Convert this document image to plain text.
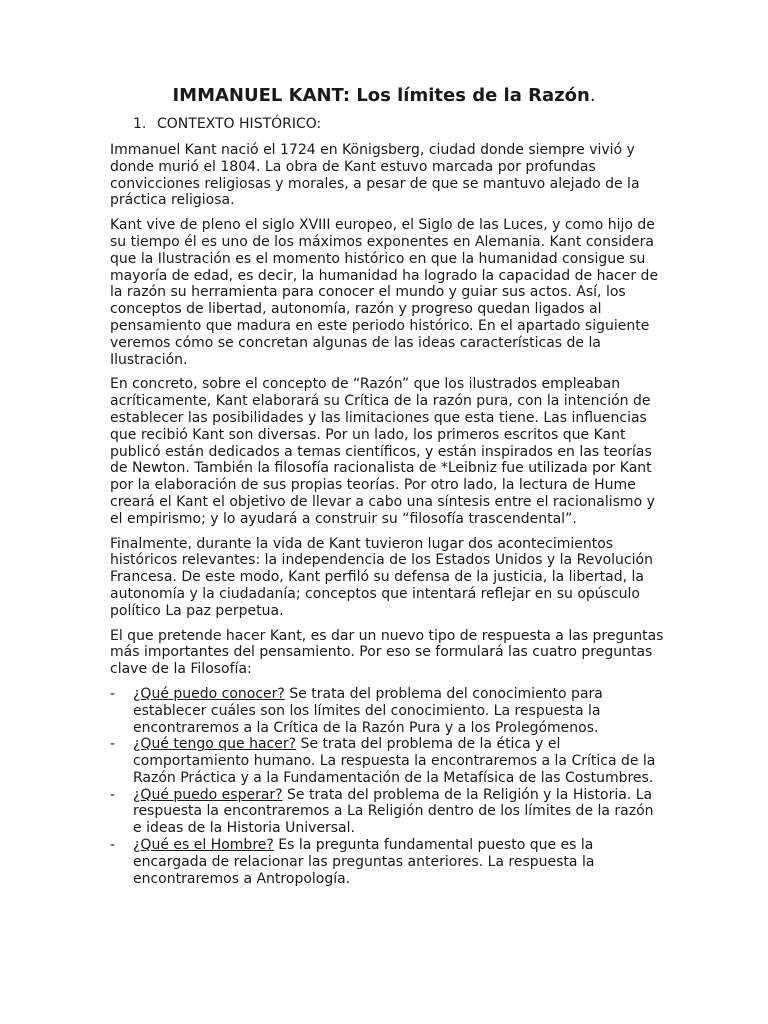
IMMANUEL KANT: Los límites de la Razón.
1. CONTEXTO HISTÓRICO:

Immanuel Kant nació el 1724 en Königsberg, ciudad donde siempre vivió y donde murió el 1804. La obra de Kant estuvo marcada por profundas convicciones religiosas y morales, a pesar de que se mantuvo alejado de la práctica religiosa.

Kant vive de pleno el siglo XVIII europeo, el Siglo de las Luces, y como hijo de su tiempo él es uno de los máximos exponentes en Alemania. Kant considera que la Ilustración es el momento histórico en que la humanidad consigue su mayoría de edad, es decir, la humanidad ha logrado la capacidad de hacer de la razón su herramienta para conocer el mundo y guiar sus actos. Así, los conceptos de libertad, autonomía, razón y progreso quedan ligados al pensamiento que madura en este periodo histórico. En el apartado siguiente veremos cómo se concretan algunas de las ideas características de la Ilustración.

En concreto, sobre el concepto de “Razón” que los ilustrados empleaban acríticamente, Kant elaborará su Crítica de la razón pura, con la intención de establecer las posibilidades y las limitaciones que esta tiene. Las influencias que recibió Kant son diversas. Por un lado, los primeros escritos que Kant publicó están dedicados a temas científicos, y están inspirados en las teorías de Newton. También la filosofía racionalista de *Leibniz fue utilizada por Kant por la elaboración de sus propias teorías. Por otro lado, la lectura de Hume creará el Kant el objetivo de llevar a cabo una síntesis entre el racionalismo y el empirismo; y lo ayudará a construir su “filosofía trascendental”.

Finalmente, durante la vida de Kant tuvieron lugar dos acontecimientos históricos relevantes: la independencia de los Estados Unidos y la Revolución Francesa. De este modo, Kant perfiló su defensa de la justicia, la libertad, la autonomía y la ciudadanía; conceptos que intentará reflejar en su opúsculo político La paz perpetua.

El que pretende hacer Kant, es dar un nuevo tipo de respuesta a las preguntas más importantes del pensamiento. Por eso se formulará las cuatro preguntas clave de la Filosofía:

- ¿Qué puedo conocer? Se trata del problema del conocimiento para establecer cuáles son los límites del conocimiento. La respuesta la encontraremos a la Crítica de la Razón Pura y a los Prolegómenos.
- ¿Qué tengo que hacer? Se trata del problema de la ética y el comportamiento humano. La respuesta la encontraremos a la Crítica de la Razón Práctica y a la Fundamentación de la Metafísica de las Costumbres.
- ¿Qué puedo esperar? Se trata del problema de la Religión y la Historia. La respuesta la encontraremos a La Religión dentro de los límites de la razón e ideas de la Historia Universal.
- ¿Qué es el Hombre? Es la pregunta fundamental puesto que es la encargada de relacionar las preguntas anteriores. La respuesta la encontraremos a Antropología.
